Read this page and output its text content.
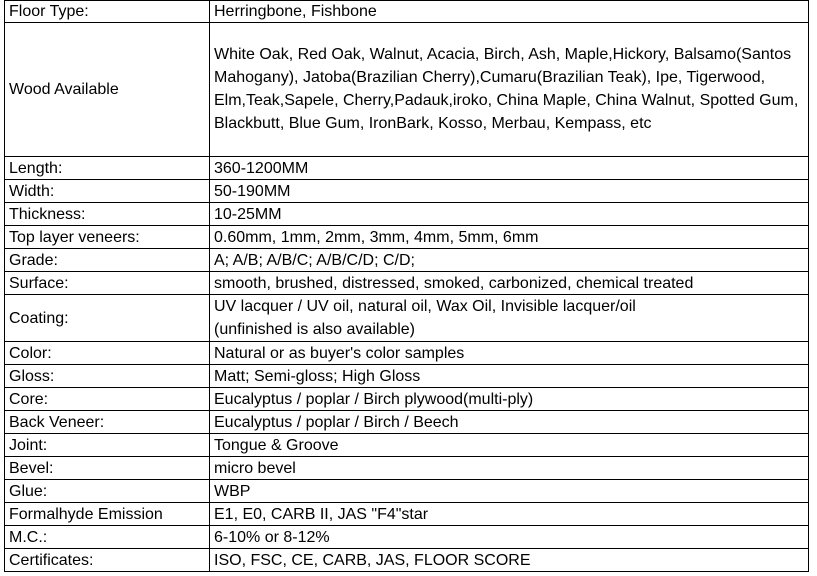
Floor Type:	Herringbone, Fishbone
Wood Available	White Oak, Red Oak, Walnut, Acacia, Birch, Ash, Maple,Hickory, Balsamo(Santos Mahogany), Jatoba(Brazilian Cherry),Cumaru(Brazilian Teak), Ipe, Tigerwood, Elm,Teak,Sapele, Cherry,Padauk,iroko, China Maple, China Walnut, Spotted Gum, Blackbutt, Blue Gum, IronBark, Kosso, Merbau, Kempass, etc
Length:	360-1200MM
Width:	50-190MM
Thickness:	10-25MM
Top layer veneers:	0.60mm, 1mm, 2mm, 3mm, 4mm, 5mm, 6mm
Grade:	A; A/B; A/B/C; A/B/C/D; C/D;
Surface:	smooth, brushed, distressed, smoked, carbonized, chemical treated
Coating:	UV lacquer / UV oil, natural oil, Wax Oil, Invisible lacquer/oil
(unfinished is also available)

Color:	Natural or as buyer's color samples
Gloss:	Matt; Semi-gloss; High Gloss
Core:	Eucalyptus / poplar / Birch plywood(multi-ply)
Back Veneer:	Eucalyptus / poplar / Birch / Beech
Joint:	Tongue & Groove
Bevel:	micro bevel
Glue:	WBP
Formalhyde Emission	E1, E0, CARB II, JAS "F4"star
M.C.:	6-10% or 8-12%
Certificates:	ISO, FSC, CE, CARB, JAS, FLOOR SCORE
